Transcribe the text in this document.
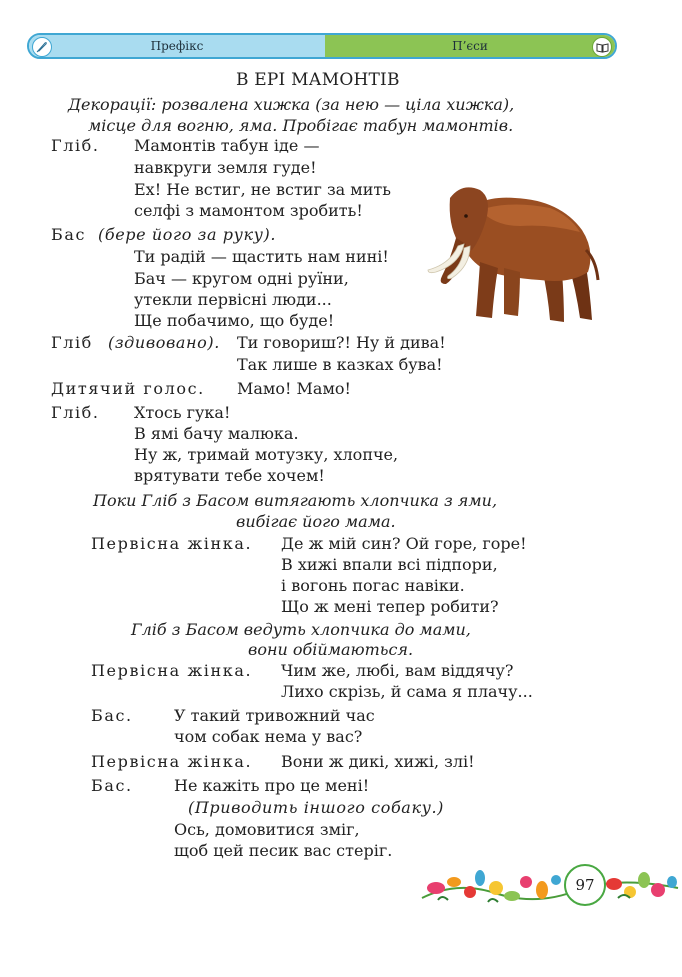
Префікс	П’єси
В ЕРІ МАМОНТІВ
Декорації: розвалена хижка (за нею — ціла хижка),
місце для вогню, яма. Пробігає табун мамонтів.
Гліб. Мамонтів табун іде —
навкруги земля гуде!
Ех! Не встиг, не встиг за мить
селфі з мамонтом зробить!
Бас (бере його за руку).
Ти радій — щастить нам нині!
Бач — кругом одні руїни,
утекли первісні люди...
Ще побачимо, що буде!
Гліб (здивовано). Ти говориш?! Ну й дива!
Так лише в казках бува!
Дитячий голос. Мамо! Мамо!
Гліб. Хтось гука!
В ямі бачу малюка.
Ну ж, тримай мотузку, хлопче,
врятувати тебе хочем!
Поки Гліб з Басом витягають хлопчика з ями,
вибігає його мама.
Первісна жінка. Де ж мій син? Ой горе, горе!
В хижі впали всі підпори,
і вогонь погас навіки.
Що ж мені тепер робити?
Гліб з Басом ведуть хлопчика до мами,
вони обіймаються.
Первісна жінка. Чим же, любі, вам віддячу?
Лихо скрізь, й сама я плачу...
Бас.	У такий тривожний час
чом собак нема у вас?
Первісна жінка. Вони ж дикі, хижі, злі!
Бас.	Не кажіть про це мені!
(Приводить іншого собаку.)
Ось, домовитися зміг,
щоб цей песик вас стеріг.
97
